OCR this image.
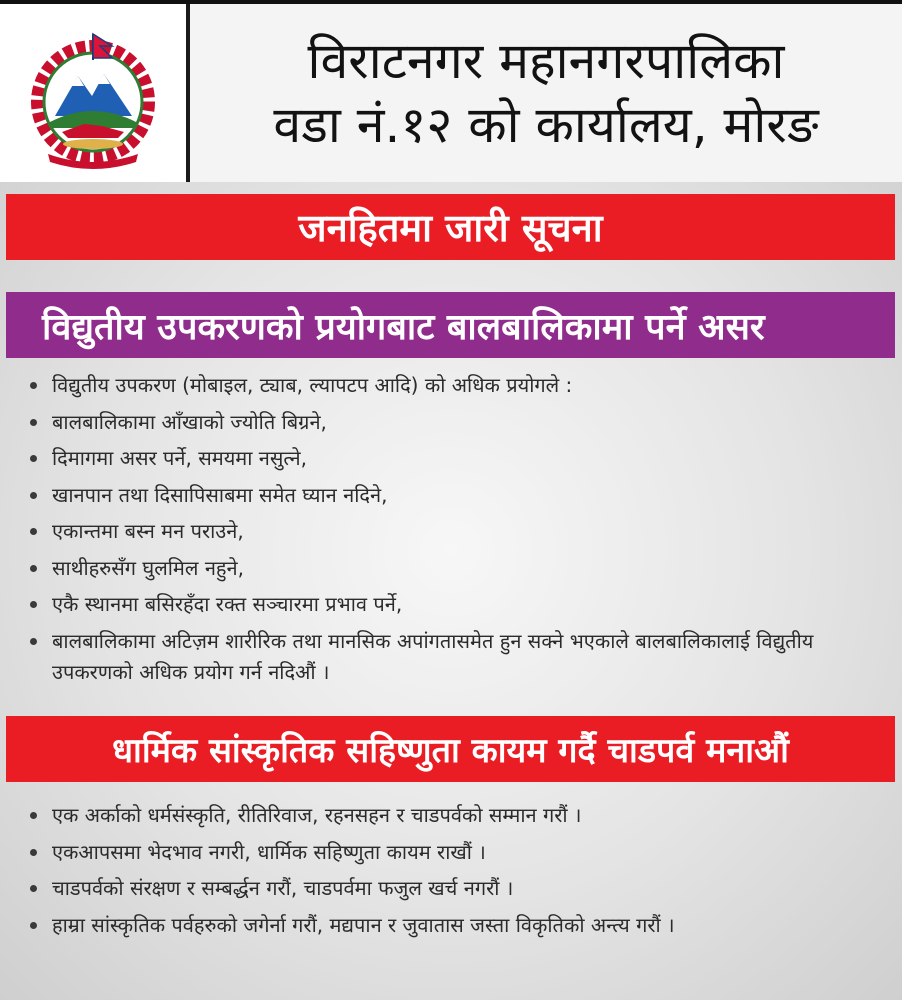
विराटनगर महानगरपालिका
वडा नं.१२ को कार्यालय, मोरङ
जनहितमा जारी सूचना
विद्युतीय उपकरणको प्रयोगबाट बालबालिकामा पर्ने असर
विद्युतीय उपकरण (मोबाइल, ट्याब, ल्यापटप आदि) को अधिक प्रयोगले :
बालबालिकामा आँखाको ज्योति बिग्रने,
दिमागमा असर पर्ने, समयमा नसुत्ने,
खानपान तथा दिसापिसाबमा समेत घ्यान नदिने,
एकान्तमा बस्न मन पराउने,
साथीहरुसँग घुलमिल नहुने,
एकै स्थानमा बसिरहँदा रक्त सञ्चारमा प्रभाव पर्ने,
बालबालिकामा अटिज़म शारीरिक तथा मानसिक अपांगतासमेत हुन सक्ने भएकाले बालबालिकालाई विद्युतीय उपकरणको अधिक प्रयोग गर्न नदिऔं ।
धार्मिक सांस्कृतिक सहिष्णुता कायम गर्दै चाडपर्व मनाऔं
एक अर्काको धर्मसंस्कृति, रीतिरिवाज, रहनसहन र चाडपर्वको सम्मान गरौं ।
एकआपसमा भेदभाव नगरी, धार्मिक सहिष्णुता कायम राखौं ।
चाडपर्वको संरक्षण र सम्बर्द्धन गरौं, चाडपर्वमा फजुल खर्च नगरौं ।
हाम्रा सांस्कृतिक पर्वहरुको जगेर्ना गरौं, मद्यपान र जुवातास जस्ता विकृतिको अन्त्य गरौं ।
